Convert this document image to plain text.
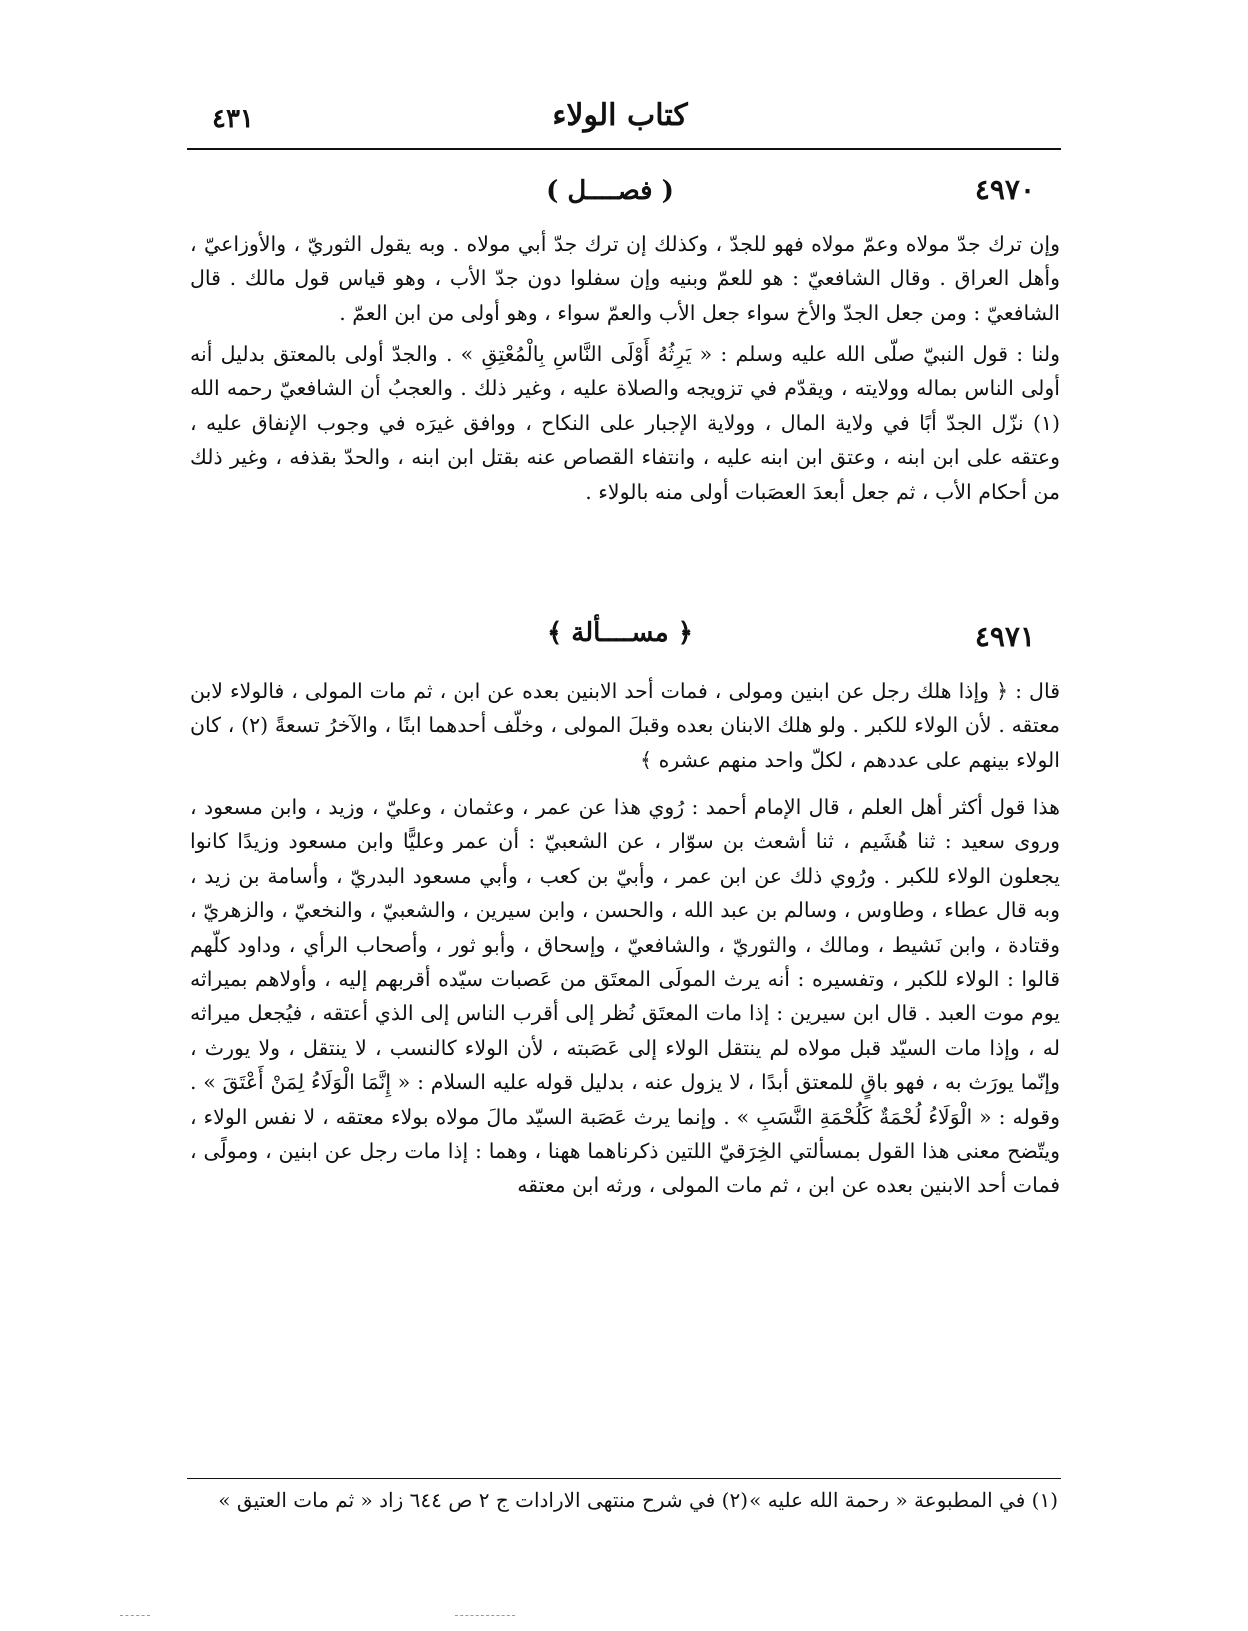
كتاب الولاء
٤٣١
٤٩٧٠
( فصــــل )
وإن ترك جدّ مولاه وعمّ مولاه فهو للجدّ ، وكذلك إن ترك جدّ أبي مولاه . وبه يقول الثوريّ ، والأوزاعيّ ، وأهل العراق . وقال الشافعيّ : هو للعمّ وبنيه وإن سفلوا دون جدّ الأب ، وهو قياس قول مالك . قال الشافعيّ : ومن جعل الجدّ والأخ سواء جعل الأب والعمّ سواء ، وهو أولى من ابن العمّ .
ولنا : قول النبيّ صلّى الله عليه وسلم : « يَرِثُهُ أَوْلَى النَّاسِ بِالْمُعْتِقِ » . والجدّ أولى بالمعتق بدليل أنه أولى الناس بماله وولايته ، ويقدّم في تزويجه والصلاة عليه ، وغير ذلك . والعجبُ أن الشافعيّ رحمه الله (١) نزّل الجدّ أبًا في ولاية المال ، وولاية الإجبار على النكاح ، ووافق غيرَه في وجوب الإنفاق عليه ، وعتقه على ابن ابنه ، وعتق ابن ابنه عليه ، وانتفاء القصاص عنه بقتل ابن ابنه ، والحدّ بقذفه ، وغير ذلك من أحكام الأب ، ثم جعل أبعدَ العصَبات أولى منه بالولاء .
٤٩٧١
﴿ مســــألة ﴾
قال : ﴿ وإذا هلك رجل عن ابنين ومولى ، فمات أحد الابنين بعده عن ابن ، ثم مات المولى ، فالولاء لابن معتقه . لأن الولاء للكبر . ولو هلك الابنان بعده وقبلَ المولى ، وخلّف أحدهما ابنًا ، والآخرُ تسعةً (٢) ، كان الولاء بينهم على عددهم ، لكلّ واحد منهم عشره ﴾
هذا قول أكثر أهل العلم ، قال الإمام أحمد : رُوي هذا عن عمر ، وعثمان ، وعليّ ، وزيد ، وابن مسعود ، وروى سعيد : ثنا هُشَيم ، ثنا أشعث بن سوّار ، عن الشعبيّ : أن عمر وعليًّا وابن مسعود وزيدًا كانوا يجعلون الولاء للكبر . ورُوي ذلك عن ابن عمر ، وأبيّ بن كعب ، وأبي مسعود البدريّ ، وأسامة بن زيد ، وبه قال عطاء ، وطاوس ، وسالم بن عبد الله ، والحسن ، وابن سيرين ، والشعبيّ ، والنخعيّ ، والزهريّ ، وقتادة ، وابن نَشيط ، ومالك ، والثوريّ ، والشافعيّ ، وإسحاق ، وأبو ثور ، وأصحاب الرأي ، وداود كلّهم قالوا : الولاء للكبر ، وتفسيره : أنه يرث المولَى المعتَق من عَصبات سيّده أقربهم إليه ، وأولاهم بميراثه يوم موت العبد . قال ابن سيرين : إذا مات المعتَق نُظر إلى أقرب الناس إلى الذي أعتقه ، فيُجعل ميراثه له ، وإذا مات السيّد قبل مولاه لم ينتقل الولاء إلى عَصَبته ، لأن الولاء كالنسب ، لا ينتقل ، ولا يورث ، وإنّما يورَث به ، فهو باقٍ للمعتق أبدًا ، لا يزول عنه ، بدليل قوله عليه السلام : « إِنَّمَا الْوَلَاءُ لِمَنْ أَعْتَقَ » . وقوله : « الْوَلَاءُ لُحْمَةٌ كَلُحْمَةِ النَّسَبِ » . وإنما يرث عَصَبة السيّد مالَ مولاه بولاء معتقه ، لا نفس الولاء ، ويتّضح معنى هذا القول بمسألتي الخِرَقيّ اللتين ذكرناهما ههنا ، وهما : إذا مات رجل عن ابنين ، ومولًى ، فمات أحد الابنين بعده عن ابن ، ثم مات المولى ، ورثه ابن معتقه
(١) في المطبوعة « رحمة الله عليه »
(٢) في شرح منتهى الارادات ج ٢ ص ٦٤٤ زاد « ثم مات العتيق »
